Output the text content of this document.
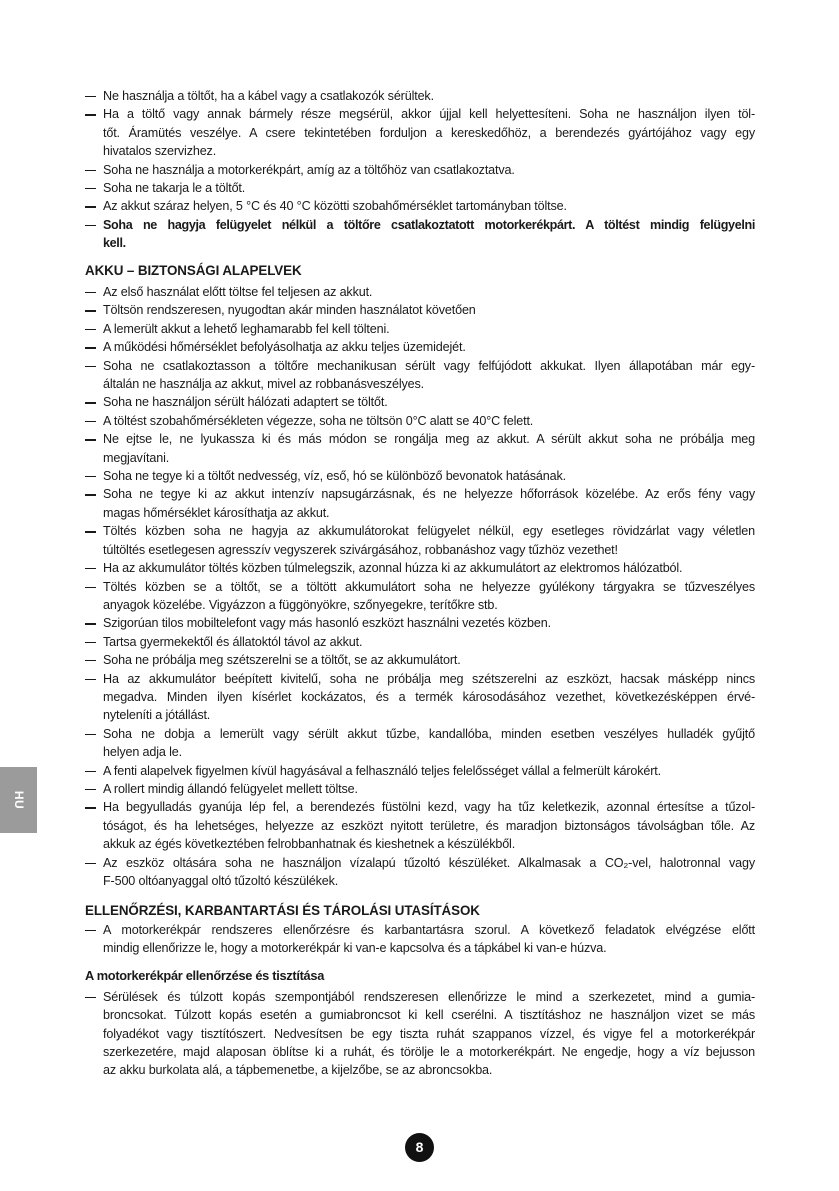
Ne használja a töltőt, ha a kábel vagy a csatlakozók sérültek.
Ha a töltő vagy annak bármely része megsérül, akkor újjal kell helyettesíteni. Soha ne használjon ilyen töl-
tőt. Áramütés veszélye. A csere tekintetében forduljon a kereskedőhöz, a berendezés gyártójához vagy egy
hivatalos szervizhez.
Soha ne használja a motorkerékpárt, amíg az a töltőhöz van csatlakoztatva.
Soha ne takarja le a töltőt.
Az akkut száraz helyen, 5 °C és 40 °C közötti szobahőmérséklet tartományban töltse.
Soha ne hagyja felügyelet nélkül a töltőre csatlakoztatott motorkerékpárt. A töltést mindig felügyelni
kell.
AKKU – BIZTONSÁGI ALAPELVEK
Az első használat előtt töltse fel teljesen az akkut.
Töltsön rendszeresen, nyugodtan akár minden használatot követően
A lemerült akkut a lehető leghamarabb fel kell tölteni.
A működési hőmérséklet befolyásolhatja az akku teljes üzemidejét.
Soha ne csatlakoztasson a töltőre mechanikusan sérült vagy felfújódott akkukat. Ilyen állapotában már egy-
általán ne használja az akkut, mivel az robbanásveszélyes.
Soha ne használjon sérült hálózati adaptert se töltőt.
A töltést szobahőmérsékleten végezze, soha ne töltsön 0°C alatt se 40°C felett.
Ne ejtse le, ne lyukassza ki és más módon se rongálja meg az akkut. A sérült akkut soha ne próbálja meg
megjavítani.
Soha ne tegye ki a töltőt nedvesség, víz, eső, hó se különböző bevonatok hatásának.
Soha ne tegye ki az akkut intenzív napsugárzásnak, és ne helyezze hőforrások közelébe. Az erős fény vagy
magas hőmérséklet károsíthatja az akkut.
Töltés közben soha ne hagyja az akkumulátorokat felügyelet nélkül, egy esetleges rövidzárlat vagy véletlen
túltöltés esetlegesen agresszív vegyszerek szivárgásához, robbanáshoz vagy tűzhöz vezethet!
Ha az akkumulátor töltés közben túlmelegszik, azonnal húzza ki az akkumulátort az elektromos hálózatból.
Töltés közben se a töltőt, se a töltött akkumulátort soha ne helyezze gyúlékony tárgyakra se tűzveszélyes
anyagok közelébe. Vigyázzon a függönyökre, szőnyegekre, terítőkre stb.
Szigorúan tilos mobiltelefont vagy más hasonló eszközt használni vezetés közben.
Tartsa gyermekektől és állatoktól távol az akkut.
Soha ne próbálja meg szétszerelni se a töltőt, se az akkumulátort.
Ha az akkumulátor beépített kivitelű, soha ne próbálja meg szétszerelni az eszközt, hacsak másképp nincs
megadva. Minden ilyen kísérlet kockázatos, és a termék károsodásához vezethet, következésképpen érvé-
nyteleníti a jótállást.
Soha ne dobja a lemerült vagy sérült akkut tűzbe, kandallóba, minden esetben veszélyes hulladék gyűjtő
helyen adja le.
A fenti alapelvek figyelmen kívül hagyásával a felhasználó teljes felelősséget vállal a felmerült károkért.
A rollert mindig állandó felügyelet mellett töltse.
Ha begyulladás gyanúja lép fel, a berendezés füstölni kezd, vagy ha tűz keletkezik, azonnal értesítse a tűzol-
tóságot, és ha lehetséges, helyezze az eszközt nyitott területre, és maradjon biztonságos távolságban tőle. Az
akkuk az égés következtében felrobbanhatnak és kieshetnek a készülékből.
Az eszköz oltására soha ne használjon vízalapú tűzoltó készüléket. Alkalmasak a CO₂-vel, halotronnal vagy
F-500 oltóanyaggal oltó tűzoltó készülékek.
ELLENŐRZÉSI, KARBANTARTÁSI ÉS TÁROLÁSI UTASÍTÁSOK
A motorkerékpár rendszeres ellenőrzésre és karbantartásra szorul. A következő feladatok elvégzése előtt
mindig ellenőrizze le, hogy a motorkerékpár ki van-e kapcsolva és a tápkábel ki van-e húzva.
A motorkerékpár ellenőrzése és tisztítása
Sérülések és túlzott kopás szempontjából rendszeresen ellenőrizze le mind a szerkezetet, mind a gumia-
broncsokat. Túlzott kopás esetén a gumiabroncsot ki kell cserélni. A tisztításhoz ne használjon vizet se más
folyadékot vagy tisztítószert. Nedvesítsen be egy tiszta ruhát szappanos vízzel, és vigye fel a motorkerékpár
szerkezetére, majd alaposan öblítse ki a ruhát, és törölje le a motorkerékpárt. Ne engedje, hogy a víz bejusson
az akku burkolata alá, a tápbemenetbe, a kijelzőbe, se az abroncsokba.
HU
8
